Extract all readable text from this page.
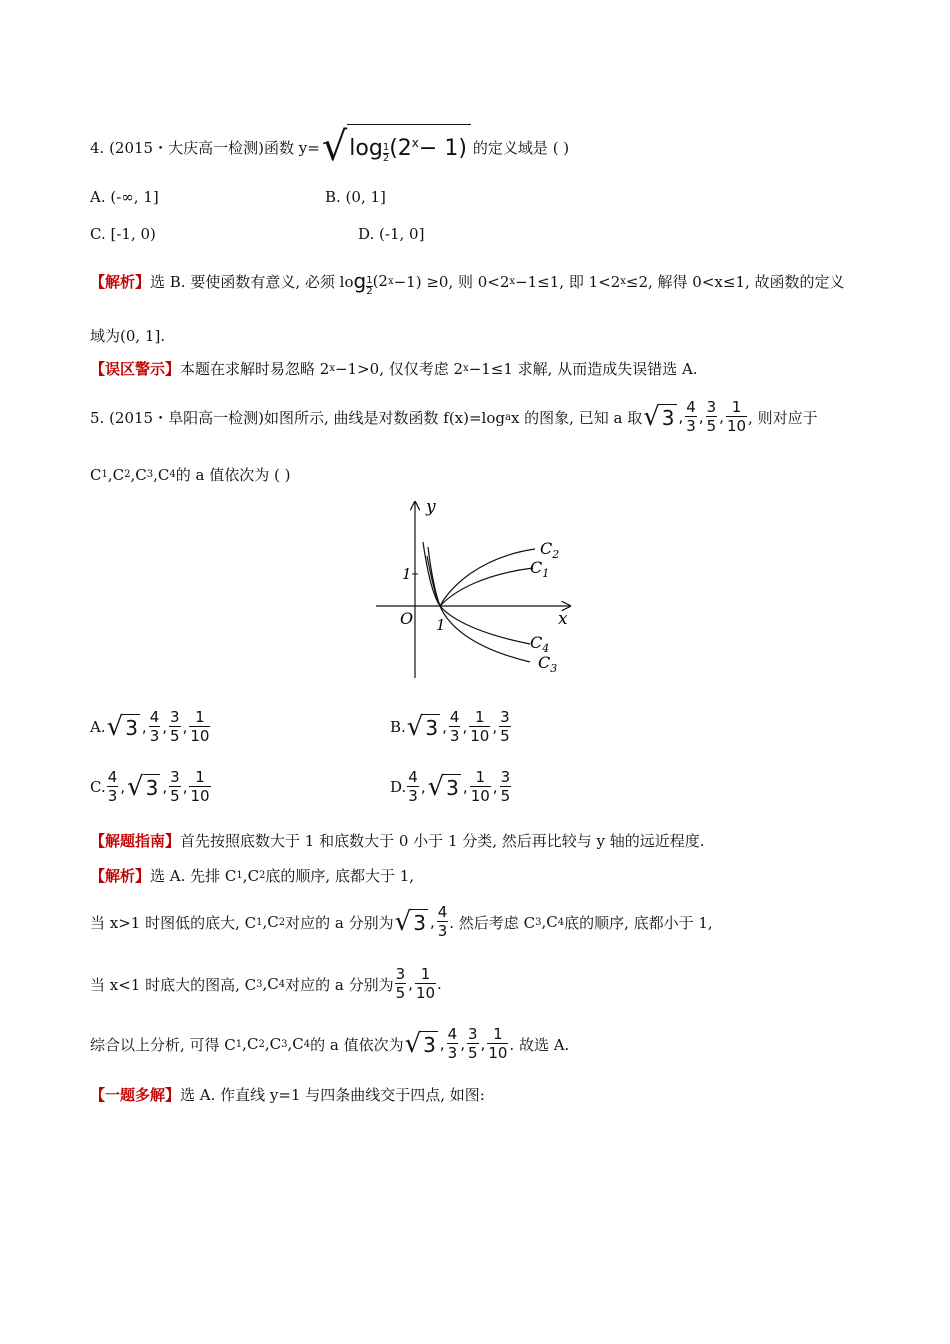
4. (2015・大庆高一检测)函数 y= √ $\log \frac{1}{2} (2^x - 1)$ 的定义域是 ( )
A. (-∞, 1]	B. (0, 1]
C. [-1, 0)	D. (-1, 0]
【解析】 选 B. 要使函数有意义, 必须 lo g $\frac{1}{2} (2$ x −1) ≥0, 则 0<2 x −1≤1, 即 1<2 x ≤2, 解得 0<x≤1, 故函数的定义
域为(0, 1].
【误区警示】 本题在求解时易忽略 2 x −1>0, 仅仅考虑 2 x −1≤1 求解, 从而造成失误错选 A.
5. (2015・阜阳高一检测)如图所示, 曲线是对数函数 f(x)=log a x 的图象, 已知 a 取 √ 3 , $\frac{4}{3}$ , $\frac{3}{5}$ , $\frac{1}{10}$ , 则对应于
C 1 , C 2 , C 3 , C 4 的 a 值依次为 ( )
y
x
O 1
1
$C_2$
$C_1$
$C_4$
$C_3$
A. √ 3 , $\frac{4}{3}$ , $\frac{3}{5}$ , $\frac{1}{10}$	B. √ 3 , $\frac{4}{3}$ , $\frac{1}{10}$ , $\frac{3}{5}$
C. $\frac{4}{3}$ , √ 3 , $\frac{3}{5}$ , $\frac{1}{10}$	D. $\frac{4}{3}$ , √ 3 , $\frac{1}{10}$ , $\frac{3}{5}$
【解题指南】 首先按照底数大于 1 和底数大于 0 小于 1 分类, 然后再比较与 y 轴的远近程度.
【解析】 选 A. 先排 C 1 , C 2 底的顺序, 底都大于 1,
当 x>1 时图低的底大, C 1 , C 2 对应的 a 分别为 √ 3 , $\frac{4}{3}$ . 然后考虑 C 3 , C 4 底的顺序, 底都小于 1,
当 x<1 时底大的图高, C 3 , C 4 对应的 a 分别为 $\frac{3}{5}$ , $\frac{1}{10}$ .
综合以上分析, 可得 C 1 , C 2 , C 3 , C 4 的 a 值依次为 √ 3 , $\frac{4}{3}$ , $\frac{3}{5}$ , $\frac{1}{10}$ . 故选 A.
【一题多解】 选 A. 作直线 y=1 与四条曲线交于四点, 如图:
